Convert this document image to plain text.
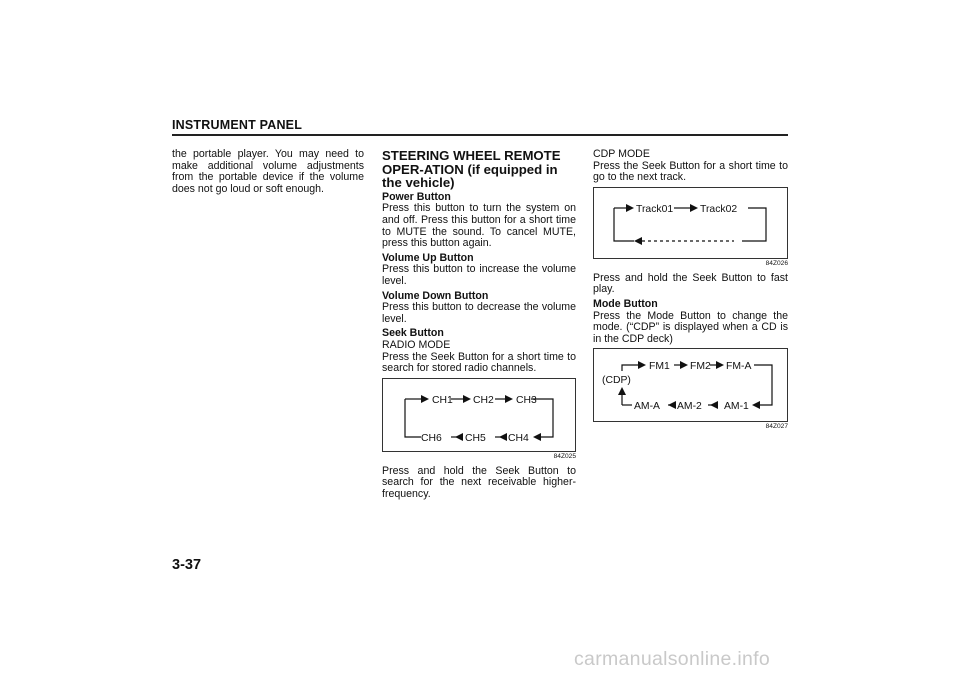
INSTRUMENT PANEL
the portable player. You may need to make additional volume adjustments from the portable device if the volume does not go loud or soft enough.
STEERING WHEEL REMOTE OPER-ATION (if equipped in the vehicle)
Power Button
Press this button to turn the system on and off. Press this button for a short time to MUTE the sound. To cancel MUTE, press this button again.
Volume Up Button
Press this button to increase the volume level.
Volume Down Button
Press this button to decrease the volume level.
Seek Button
RADIO MODE
Press the Seek Button for a short time to search for stored radio channels.
CH1 CH2 CH3
CH6 CH5 CH4
84Z025
Press and hold the Seek Button to search for the next receivable higher-frequency.
CDP MODE
Press the Seek Button for a short time to go to the next track.
Track01	Track02
84Z026
Press and hold the Seek Button to fast play.
Mode Button
Press the Mode Button to change the mode. (“CDP” is displayed when a CD is in the CDP deck)
FM1 FM2 FM-A
(CDP)
AM-A AM-2 AM-1
84Z027
3-37
carmanualsonline.info
